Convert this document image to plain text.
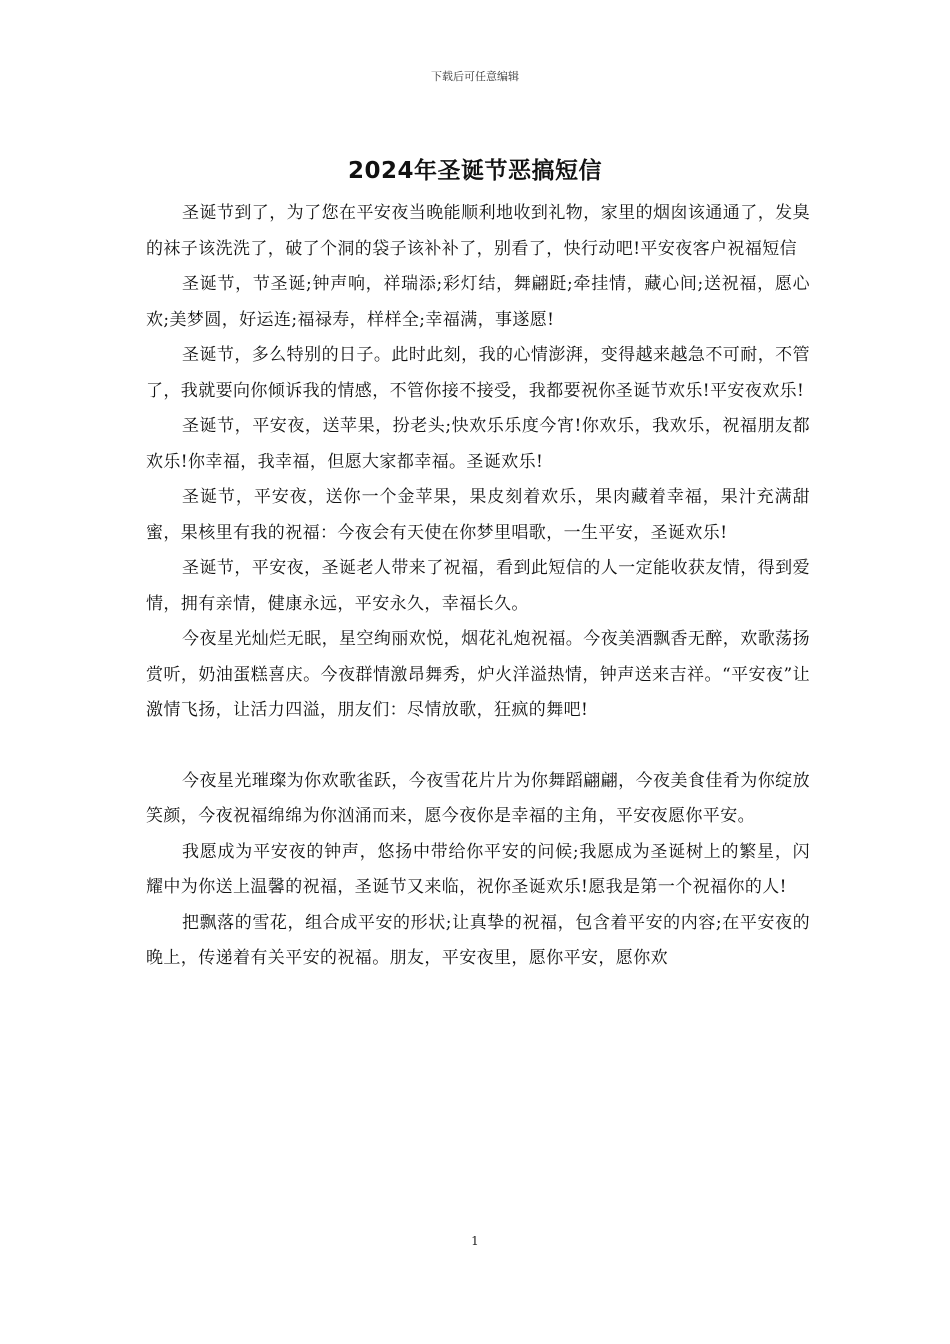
下载后可任意编辑
2024年圣诞节恶搞短信

圣诞节到了，为了您在平安夜当晚能顺利地收到礼物，家里的烟囱该通通了，发臭的袜子该洗洗了，破了个洞的袋子该补补了，别看了，快行动吧!平安夜客户祝福短信

圣诞节，节圣诞;钟声响，祥瑞添;彩灯结，舞翩跹;牵挂情，藏心间;送祝福，愿心欢;美梦圆，好运连;福禄寿，样样全;幸福满，事遂愿!

圣诞节，多么特别的日子。此时此刻，我的心情澎湃，变得越来越急不可耐，不管了，我就要向你倾诉我的情感，不管你接不接受，我都要祝你圣诞节欢乐!平安夜欢乐!

圣诞节，平安夜，送苹果，扮老头;快欢乐乐度今宵!你欢乐，我欢乐，祝福朋友都欢乐!你幸福，我幸福，但愿大家都幸福。圣诞欢乐!

圣诞节，平安夜，送你一个金苹果，果皮刻着欢乐，果肉藏着幸福，果汁充满甜蜜，果核里有我的祝福：今夜会有天使在你梦里唱歌，一生平安，圣诞欢乐!

圣诞节，平安夜，圣诞老人带来了祝福，看到此短信的人一定能收获友情，得到爱情，拥有亲情，健康永远，平安永久，幸福长久。

今夜星光灿烂无眠，星空绚丽欢悦，烟花礼炮祝福。今夜美酒飘香无醉，欢歌荡扬赏听，奶油蛋糕喜庆。今夜群情激昂舞秀，炉火洋溢热情，钟声送来吉祥。“平安夜”让激情飞扬，让活力四溢，朋友们：尽情放歌，狂疯的舞吧!

今夜星光璀璨为你欢歌雀跃，今夜雪花片片为你舞蹈翩翩，今夜美食佳肴为你绽放笑颜，今夜祝福绵绵为你汹涌而来，愿今夜你是幸福的主角，平安夜愿你平安。

我愿成为平安夜的钟声，悠扬中带给你平安的问候;我愿成为圣诞树上的繁星，闪耀中为你送上温馨的祝福，圣诞节又来临，祝你圣诞欢乐!愿我是第一个祝福你的人!

把飘落的雪花，组合成平安的形状;让真挚的祝福，包含着平安的内容;在平安夜的晚上，传递着有关平安的祝福。朋友，平安夜里，愿你平安，愿你欢

1
